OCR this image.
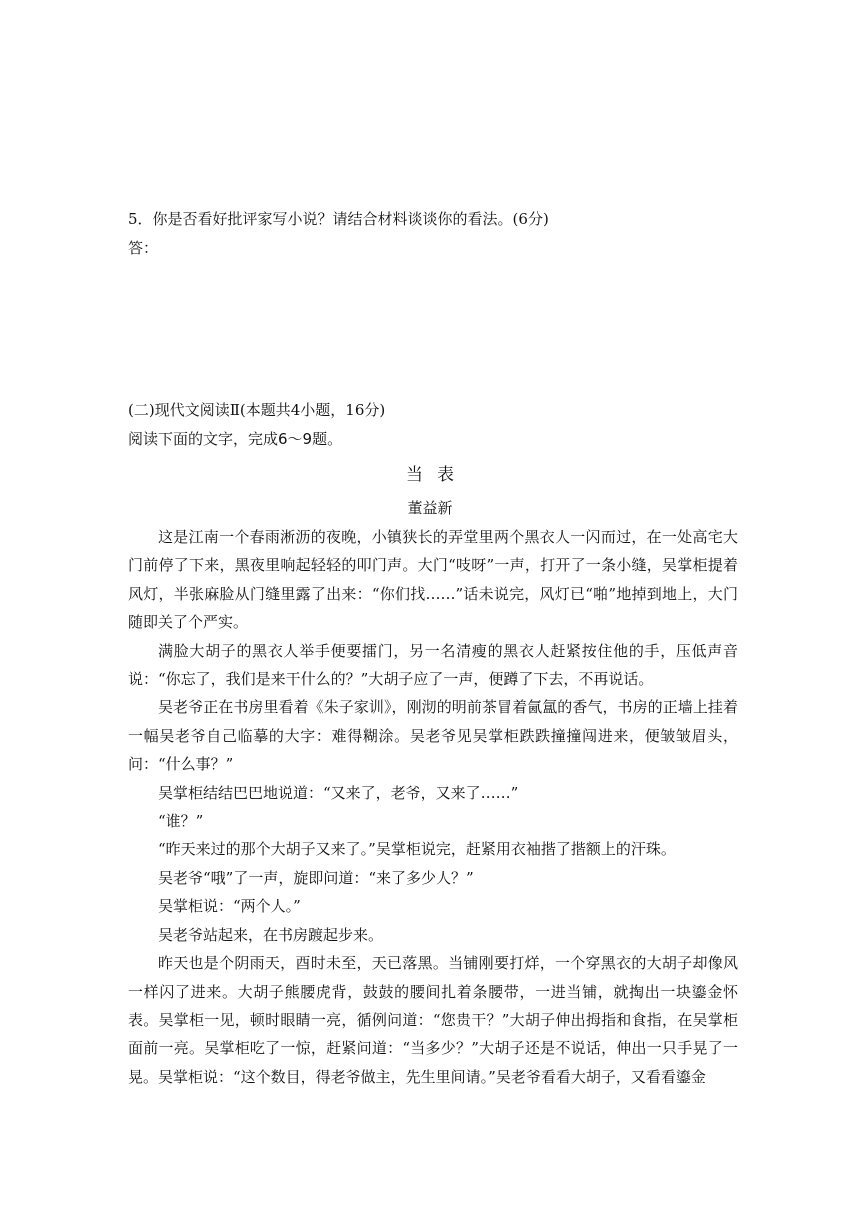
5．你是否看好批评家写小说？请结合材料谈谈你的看法。(6分)
答：
(二)现代文阅读Ⅱ(本题共4小题，16分)
阅读下面的文字，完成6～9题。
当表
董益新

这是江南一个春雨淅沥的夜晚，小镇狭长的弄堂里两个黑衣人一闪而过，在一处高宅大门前停了下来，黑夜里响起轻轻的叩门声。大门“吱呀”一声，打开了一条小缝，吴掌柜提着风灯，半张麻脸从门缝里露了出来：“你们找……”话未说完，风灯已“啪”地掉到地上，大门随即关了个严实。

满脸大胡子的黑衣人举手便要擂门，另一名清瘦的黑衣人赶紧按住他的手，压低声音说：“你忘了，我们是来干什么的？”大胡子应了一声，便蹲了下去，不再说话。

吴老爷正在书房里看着《朱子家训》，刚沏的明前茶冒着氤氲的香气，书房的正墙上挂着一幅吴老爷自己临摹的大字：难得糊涂。吴老爷见吴掌柜跌跌撞撞闯进来，便皱皱眉头，问：“什么事？”

吴掌柜结结巴巴地说道：“又来了，老爷，又来了……”

“谁？”

“昨天来过的那个大胡子又来了。”吴掌柜说完，赶紧用衣袖揩了揩额上的汗珠。

吴老爷“哦”了一声，旋即问道：“来了多少人？”

吴掌柜说：“两个人。”

吴老爷站起来，在书房踱起步来。

昨天也是个阴雨天，酉时未至，天已落黑。当铺刚要打烊，一个穿黑衣的大胡子却像风一样闪了进来。大胡子熊腰虎背，鼓鼓的腰间扎着条腰带，一进当铺，就掏出一块鎏金怀表。吴掌柜一见，顿时眼睛一亮，循例问道：“您贵干？”大胡子伸出拇指和食指，在吴掌柜面前一亮。吴掌柜吃了一惊，赶紧问道：“当多少？”大胡子还是不说话，伸出一只手晃了一晃。吴掌柜说：“这个数目，得老爷做主，先生里间请。”吴老爷看看大胡子，又看看鎏金
